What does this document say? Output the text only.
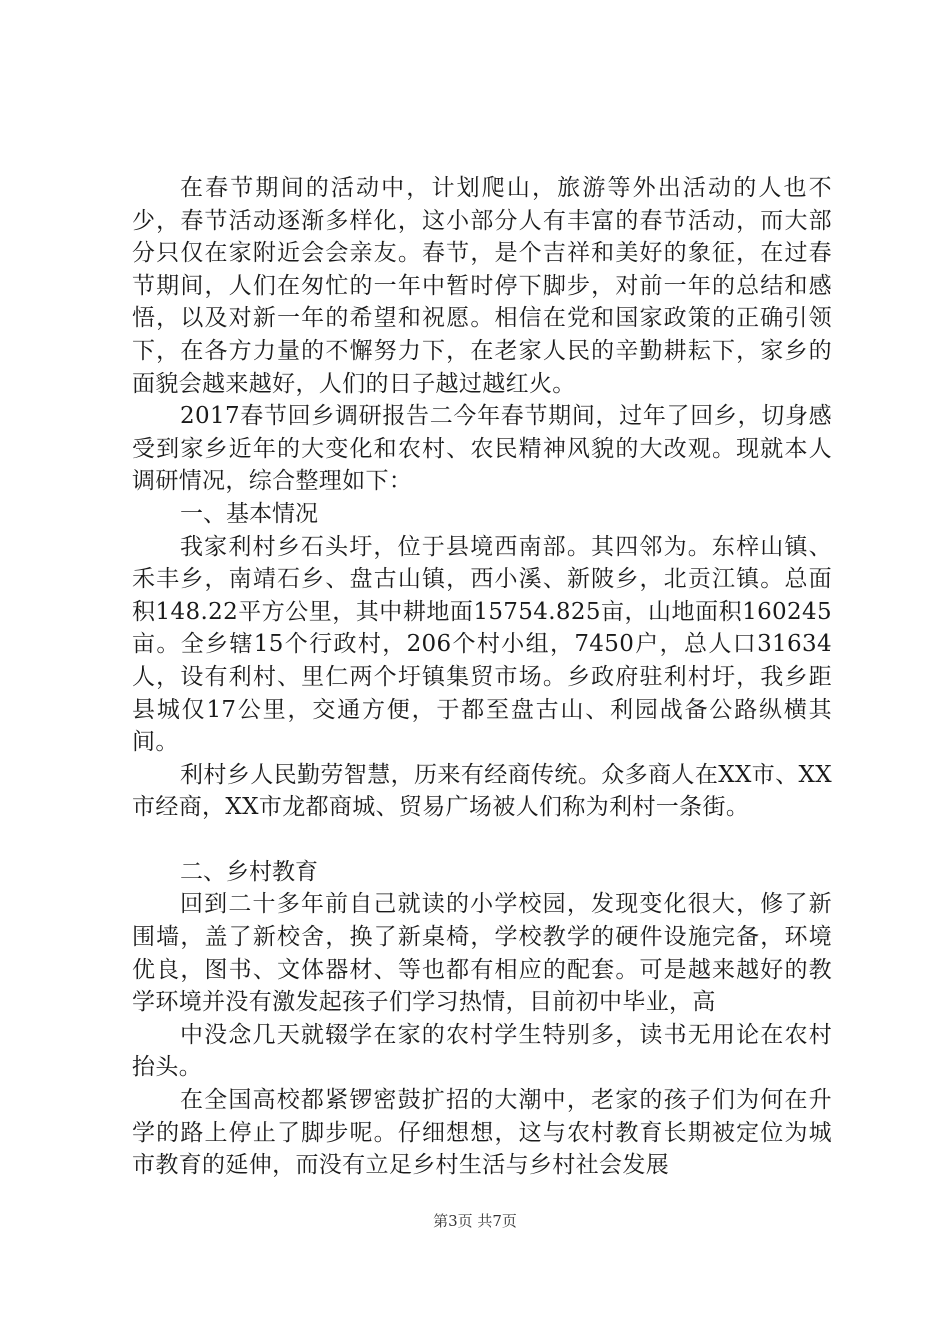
在春节期间的活动中，计划爬山，旅游等外出活动的人也不少，春节活动逐渐多样化，这小部分人有丰富的春节活动，而大部分只仅在家附近会会亲友。春节，是个吉祥和美好的象征，在过春节期间，人们在匆忙的一年中暂时停下脚步，对前一年的总结和感悟，以及对新一年的希望和祝愿。相信在党和国家政策的正确引领下，在各方力量的不懈努力下，在老家人民的辛勤耕耘下，家乡的面貌会越来越好，人们的日子越过越红火。

2017春节回乡调研报告二今年春节期间，过年了回乡，切身感受到家乡近年的大变化和农村、农民精神风貌的大改观。现就本人调研情况，综合整理如下：

一、基本情况

我家利村乡石头圩，位于县境西南部。其四邻为。东梓山镇、禾丰乡，南靖石乡、盘古山镇，西小溪、新陂乡，北贡江镇。总面积148.22平方公里，其中耕地面15754.825亩，山地面积160245亩。全乡辖15个行政村，206个村小组，7450户，总人口31634人，设有利村、里仁两个圩镇集贸市场。乡政府驻利村圩，我乡距县城仅17公里，交通方便，于都至盘古山、利园战备公路纵横其间。

利村乡人民勤劳智慧，历来有经商传统。众多商人在XX市、XX市经商，XX市龙都商城、贸易广场被人们称为利村一条街。

二、乡村教育

回到二十多年前自己就读的小学校园，发现变化很大，修了新围墙，盖了新校舍，换了新桌椅，学校教学的硬件设施完备，环境优良，图书、文体器材、等也都有相应的配套。可是越来越好的教学环境并没有激发起孩子们学习热情，目前初中毕业，高

中没念几天就辍学在家的农村学生特别多，读书无用论在农村抬头。

在全国高校都紧锣密鼓扩招的大潮中，老家的孩子们为何在升学的路上停止了脚步呢。仔细想想，这与农村教育长期被定位为城市教育的延伸，而没有立足乡村生活与乡村社会发展

第3页 共7页
